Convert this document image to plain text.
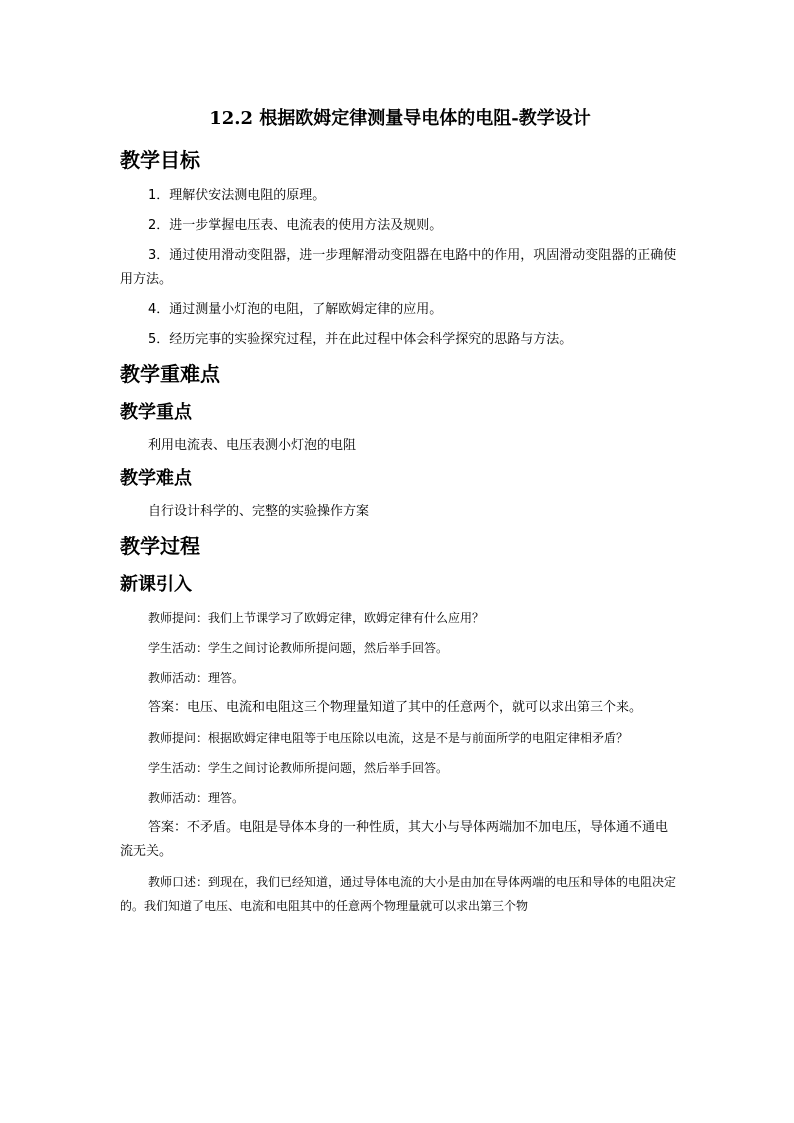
12.2 根据欧姆定律测量导电体的电阻-教学设计
教学目标
1．理解伏安法测电阻的原理。
2．进一步掌握电压表、电流表的使用方法及规则。
3．通过使用滑动变阻器，进一步理解滑动变阻器在电路中的作用，巩固滑动变阻器的正确使用方法。
4．通过测量小灯泡的电阻，了解欧姆定律的应用。
5．经历完事的实验探究过程，并在此过程中体会科学探究的思路与方法。
教学重难点
教学重点
利用电流表、电压表测小灯泡的电阻
教学难点
自行设计科学的、完整的实验操作方案
教学过程
新课引入
教师提问：我们上节课学习了欧姆定律，欧姆定律有什么应用？
学生活动：学生之间讨论教师所提问题，然后举手回答。
教师活动：理答。
答案：电压、电流和电阻这三个物理量知道了其中的任意两个，就可以求出第三个来。
教师提问：根据欧姆定律电阻等于电压除以电流，这是不是与前面所学的电阻定律相矛盾？
学生活动：学生之间讨论教师所提问题，然后举手回答。
教师活动：理答。
答案：不矛盾。电阻是导体本身的一种性质，其大小与导体两端加不加电压，导体通不通电流无关。
教师口述：到现在，我们已经知道，通过导体电流的大小是由加在导体两端的电压和导体的电阻决定的。我们知道了电压、电流和电阻其中的任意两个物理量就可以求出第三个物
